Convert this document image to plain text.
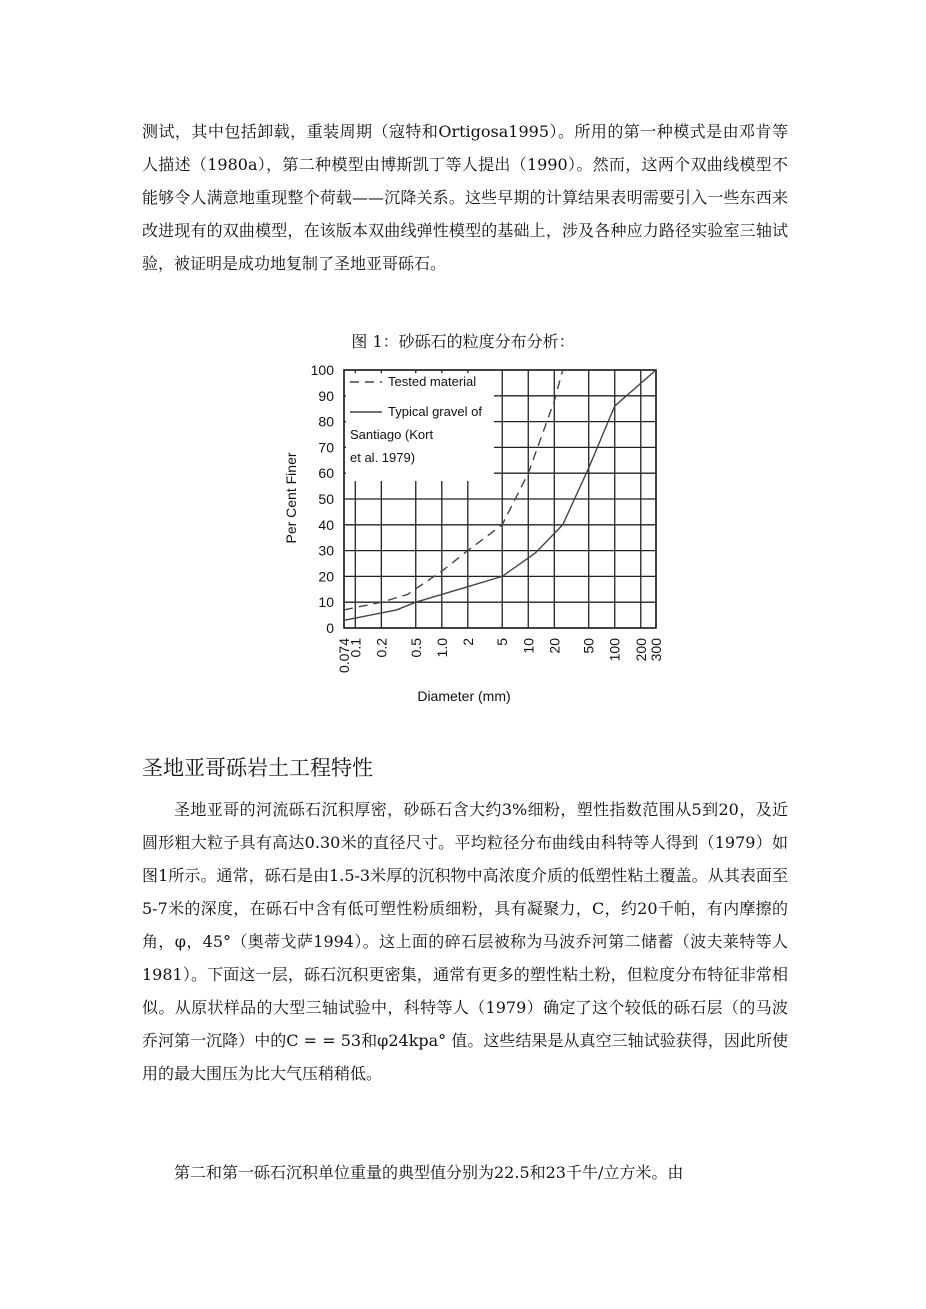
测试，其中包括卸载，重装周期（寇特和Ortigosa1995）。所用的第一种模式是由邓肯等人描述（1980a），第二种模型由博斯凯丁等人提出（1990）。然而，这两个双曲线模型不能够令人满意地重现整个荷载——沉降关系。这些早期的计算结果表明需要引入一些东西来改进现有的双曲模型，在该版本双曲线弹性模型的基础上，涉及各种应力路径实验室三轴试验，被证明是成功地复制了圣地亚哥砾石。

图 1：砂砾石的粒度分布分析：
0
10
20
30
40
50
60
70
80
90
100
0.074
0.1 0.2 0.5 1.0 2 5 10 20 50 100 200 300
Tested material
Typical gravel of
Santiago (Kort
et al. 1979)
Per Cent Finer
Diameter (mm)
圣地亚哥砾岩土工程特性

圣地亚哥的河流砾石沉积厚密，砂砾石含大约3%细粉，塑性指数范围从5到20，及近圆形粗大粒子具有高达0.30米的直径尺寸。平均粒径分布曲线由科特等人得到（1979）如图1所示。通常，砾石是由1.5-3米厚的沉积物中高浓度介质的低塑性粘土覆盖。从其表面至5-7米的深度，在砾石中含有低可塑性粉质细粉，具有凝聚力，C，约20千帕，有内摩擦的角，φ，45°（奥蒂戈萨1994）。这上面的碎石层被称为马波乔河第二储蓄（波夫莱特等人1981）。下面这一层，砾石沉积更密集，通常有更多的塑性粘土粉，但粒度分布特征非常相似。从原状样品的大型三轴试验中，科特等人（1979）确定了这个较低的砾石层（的马波乔河第一沉降）中的C = = 53和φ24kpa° 值。这些结果是从真空三轴试验获得，因此所使用的最大围压为比大气压稍稍低。

第二和第一砾石沉积单位重量的典型值分别为22.5和23千牛/立方米。由
